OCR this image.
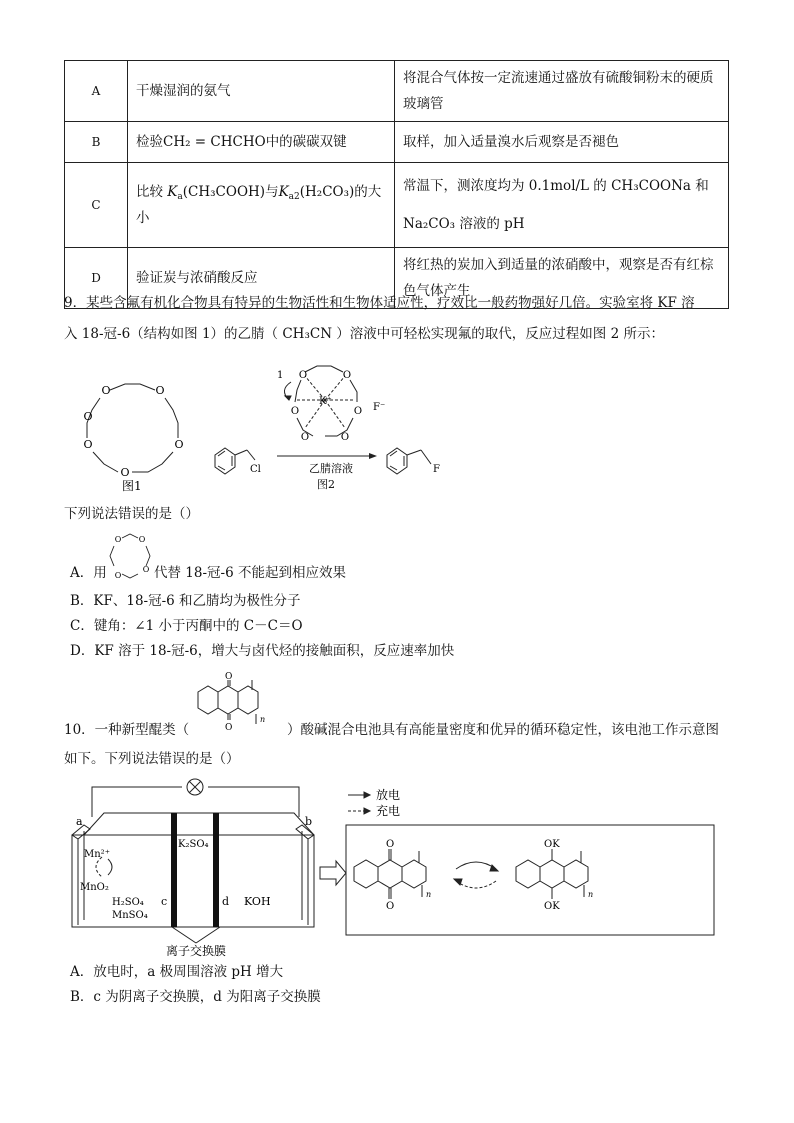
A	干燥湿润的氨气	将混合气体按一定流速通过盛放有硫酸铜粉末的硬质玻璃管
B	检验CH₂ = CHCHO中的碳碳双键	取样，加入适量溴水后观察是否褪色
C	比较 $K_a(CH_3COOH)$与$K_{a2}(H_2CO_3)$的大小	常温下，测浓度均为 0.1mol/L 的 CH₃COONa 和
Na₂CO₃ 溶液的 pH

D	验证炭与浓硝酸反应	将红热的炭加入到适量的浓硝酸中，观察是否有红棕色气体产生
9．某些含氟有机化合物具有特异的生物活性和生物体适应性，疗效比一般药物强好几倍。实验室将 KF 溶
入 18-冠-6（结构如图 1）的乙腈（ CH₃CN ）溶液中可轻松实现氟的取代，反应过程如图 2 所示：
O	O
O
O
O
O
图1
Cl
O	O
O
O
O
O
1
K⁺
F⁻
乙腈溶液
图2
F
下列说法错误的是（）
A．用
O O
O
O 代替 18-冠-6 不能起到相应效果
B．KF、18-冠-6 和乙腈均为极性分子
C．键角：∠1 小于丙酮中的 C－C＝O
D．KF 溶于 18-冠-6，增大与卤代烃的接触面积，反应速率加快
O
O
n
10．一种新型醌类（	）酸碱混合电池具有高能量密度和优异的循环稳定性，该电池工作示意图
如下。下列说法错误的是（）
a	b
c	d
Mn²⁺
MnO₂
H₂SO₄
MnSO₄
K₂SO₄
KOH
离子交换膜
放电
充电
O
O
n
OK
OK
n
A．放电时，a 极周围溶液 pH 增大
B．c 为阴离子交换膜，d 为阳离子交换膜
